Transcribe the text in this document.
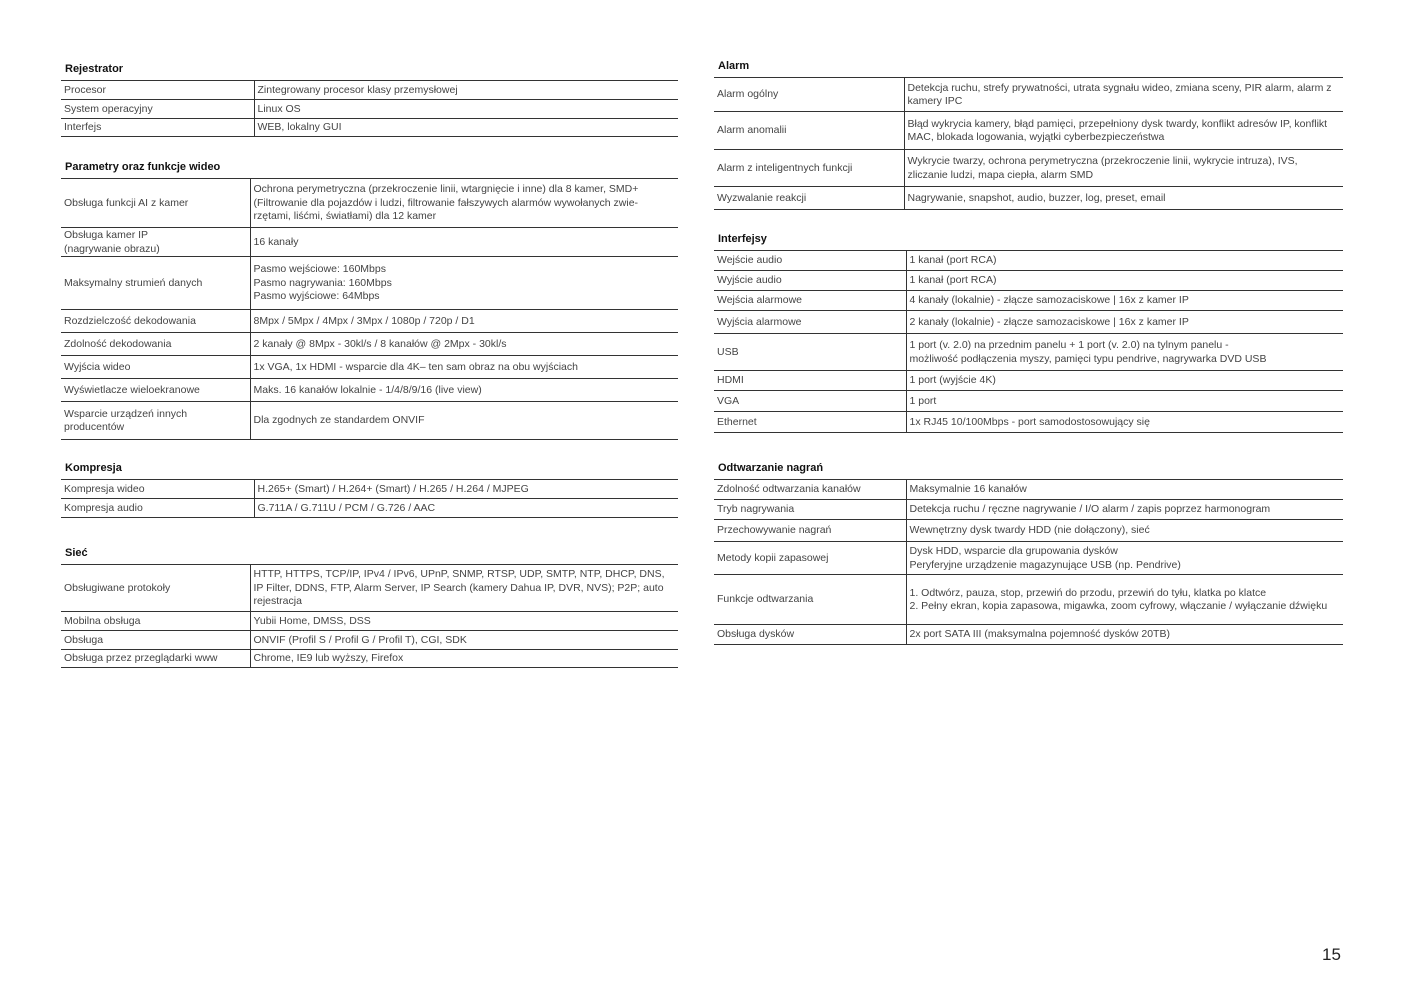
Rejestrator
Procesor	Zintegrowany procesor klasy przemysłowej
System operacyjny	Linux OS
Interfejs	WEB, lokalny GUI
Parametry oraz funkcje wideo
Obsługa funkcji AI z kamer	Ochrona perymetryczna (przekroczenie linii, wtargnięcie i inne) dla 8 kamer, SMD+ (Filtrowanie dla pojazdów i ludzi, filtrowanie fałszywych alarmów wywołanych zwie-rzętami, liśćmi, światłami) dla 12 kamer
Obsługa kamer IP
(nagrywanie obrazu)	16 kanały
Maksymalny strumień danych	Pasmo wejściowe: 160Mbps
Pasmo nagrywania: 160Mbps
Pasmo wyjściowe: 64Mbps
Rozdzielczość dekodowania	8Mpx / 5Mpx / 4Mpx / 3Mpx / 1080p / 720p / D1
Zdolność dekodowania	2 kanały @ 8Mpx - 30kl/s / 8 kanałów @ 2Mpx - 30kl/s
Wyjścia wideo	1x VGA, 1x HDMI - wsparcie dla 4K– ten sam obraz na obu wyjściach
Wyświetlacze wieloekranowe	Maks. 16 kanałów lokalnie - 1/4/8/9/16 (live view)
Wsparcie urządzeń innych
producentów	Dla zgodnych ze standardem ONVIF
Kompresja
Kompresja wideo	H.265+ (Smart) / H.264+ (Smart) / H.265 / H.264 / MJPEG
Kompresja audio	G.711A / G.711U / PCM / G.726 / AAC
Sieć
Obsługiwane protokoły	HTTP, HTTPS, TCP/IP, IPv4 / IPv6, UPnP, SNMP, RTSP, UDP, SMTP, NTP, DHCP, DNS, IP Filter, DDNS, FTP, Alarm Server, IP Search (kamery Dahua IP, DVR, NVS); P2P; auto rejestracja
Mobilna obsługa	Yubii Home, DMSS, DSS
Obsługa	ONVIF (Profil S / Profil G / Profil T), CGI, SDK
Obsługa przez przeglądarki www	Chrome, IE9 lub wyższy, Firefox
Alarm
Alarm ogólny	Detekcja ruchu, strefy prywatności, utrata sygnału wideo, zmiana sceny, PIR alarm, alarm z kamery IPC
Alarm anomalii	Błąd wykrycia kamery, błąd pamięci, przepełniony dysk twardy, konflikt adresów IP, konflikt MAC, blokada logowania, wyjątki cyberbezpieczeństwa
Alarm z inteligentnych funkcji	Wykrycie twarzy, ochrona perymetryczna (przekroczenie linii, wykrycie intruza), IVS, zliczanie ludzi, mapa ciepła, alarm SMD
Wyzwalanie reakcji	Nagrywanie, snapshot, audio, buzzer, log, preset, email
Interfejsy
Wejście audio	1 kanał (port RCA)
Wyjście audio	1 kanał (port RCA)
Wejścia alarmowe	4 kanały (lokalnie) - złącze samozaciskowe | 16x z kamer IP
Wyjścia alarmowe	2 kanały (lokalnie) - złącze samozaciskowe | 16x z kamer IP
USB	1 port (v. 2.0) na przednim panelu + 1 port (v. 2.0) na tylnym panelu -
możliwość podłączenia myszy, pamięci typu pendrive, nagrywarka DVD USB
HDMI	1 port (wyjście 4K)
VGA	1 port
Ethernet	1x RJ45 10/100Mbps - port samodostosowujący się
Odtwarzanie nagrań
Zdolność odtwarzania kanałów	Maksymalnie 16 kanałów
Tryb nagrywania	Detekcja ruchu / ręczne nagrywanie / I/O alarm / zapis poprzez harmonogram
Przechowywanie nagrań	Wewnętrzny dysk twardy HDD (nie dołączony), sieć
Metody kopii zapasowej	Dysk HDD, wsparcie dla grupowania dysków
Peryferyjne urządzenie magazynujące USB (np. Pendrive)
Funkcje odtwarzania	1. Odtwórz, pauza, stop, przewiń do przodu, przewiń do tyłu, klatka po klatce
2. Pełny ekran, kopia zapasowa, migawka, zoom cyfrowy, włączanie / wyłączanie dźwięku
Obsługa dysków	2x port SATA III (maksymalna pojemność dysków 20TB)
15
